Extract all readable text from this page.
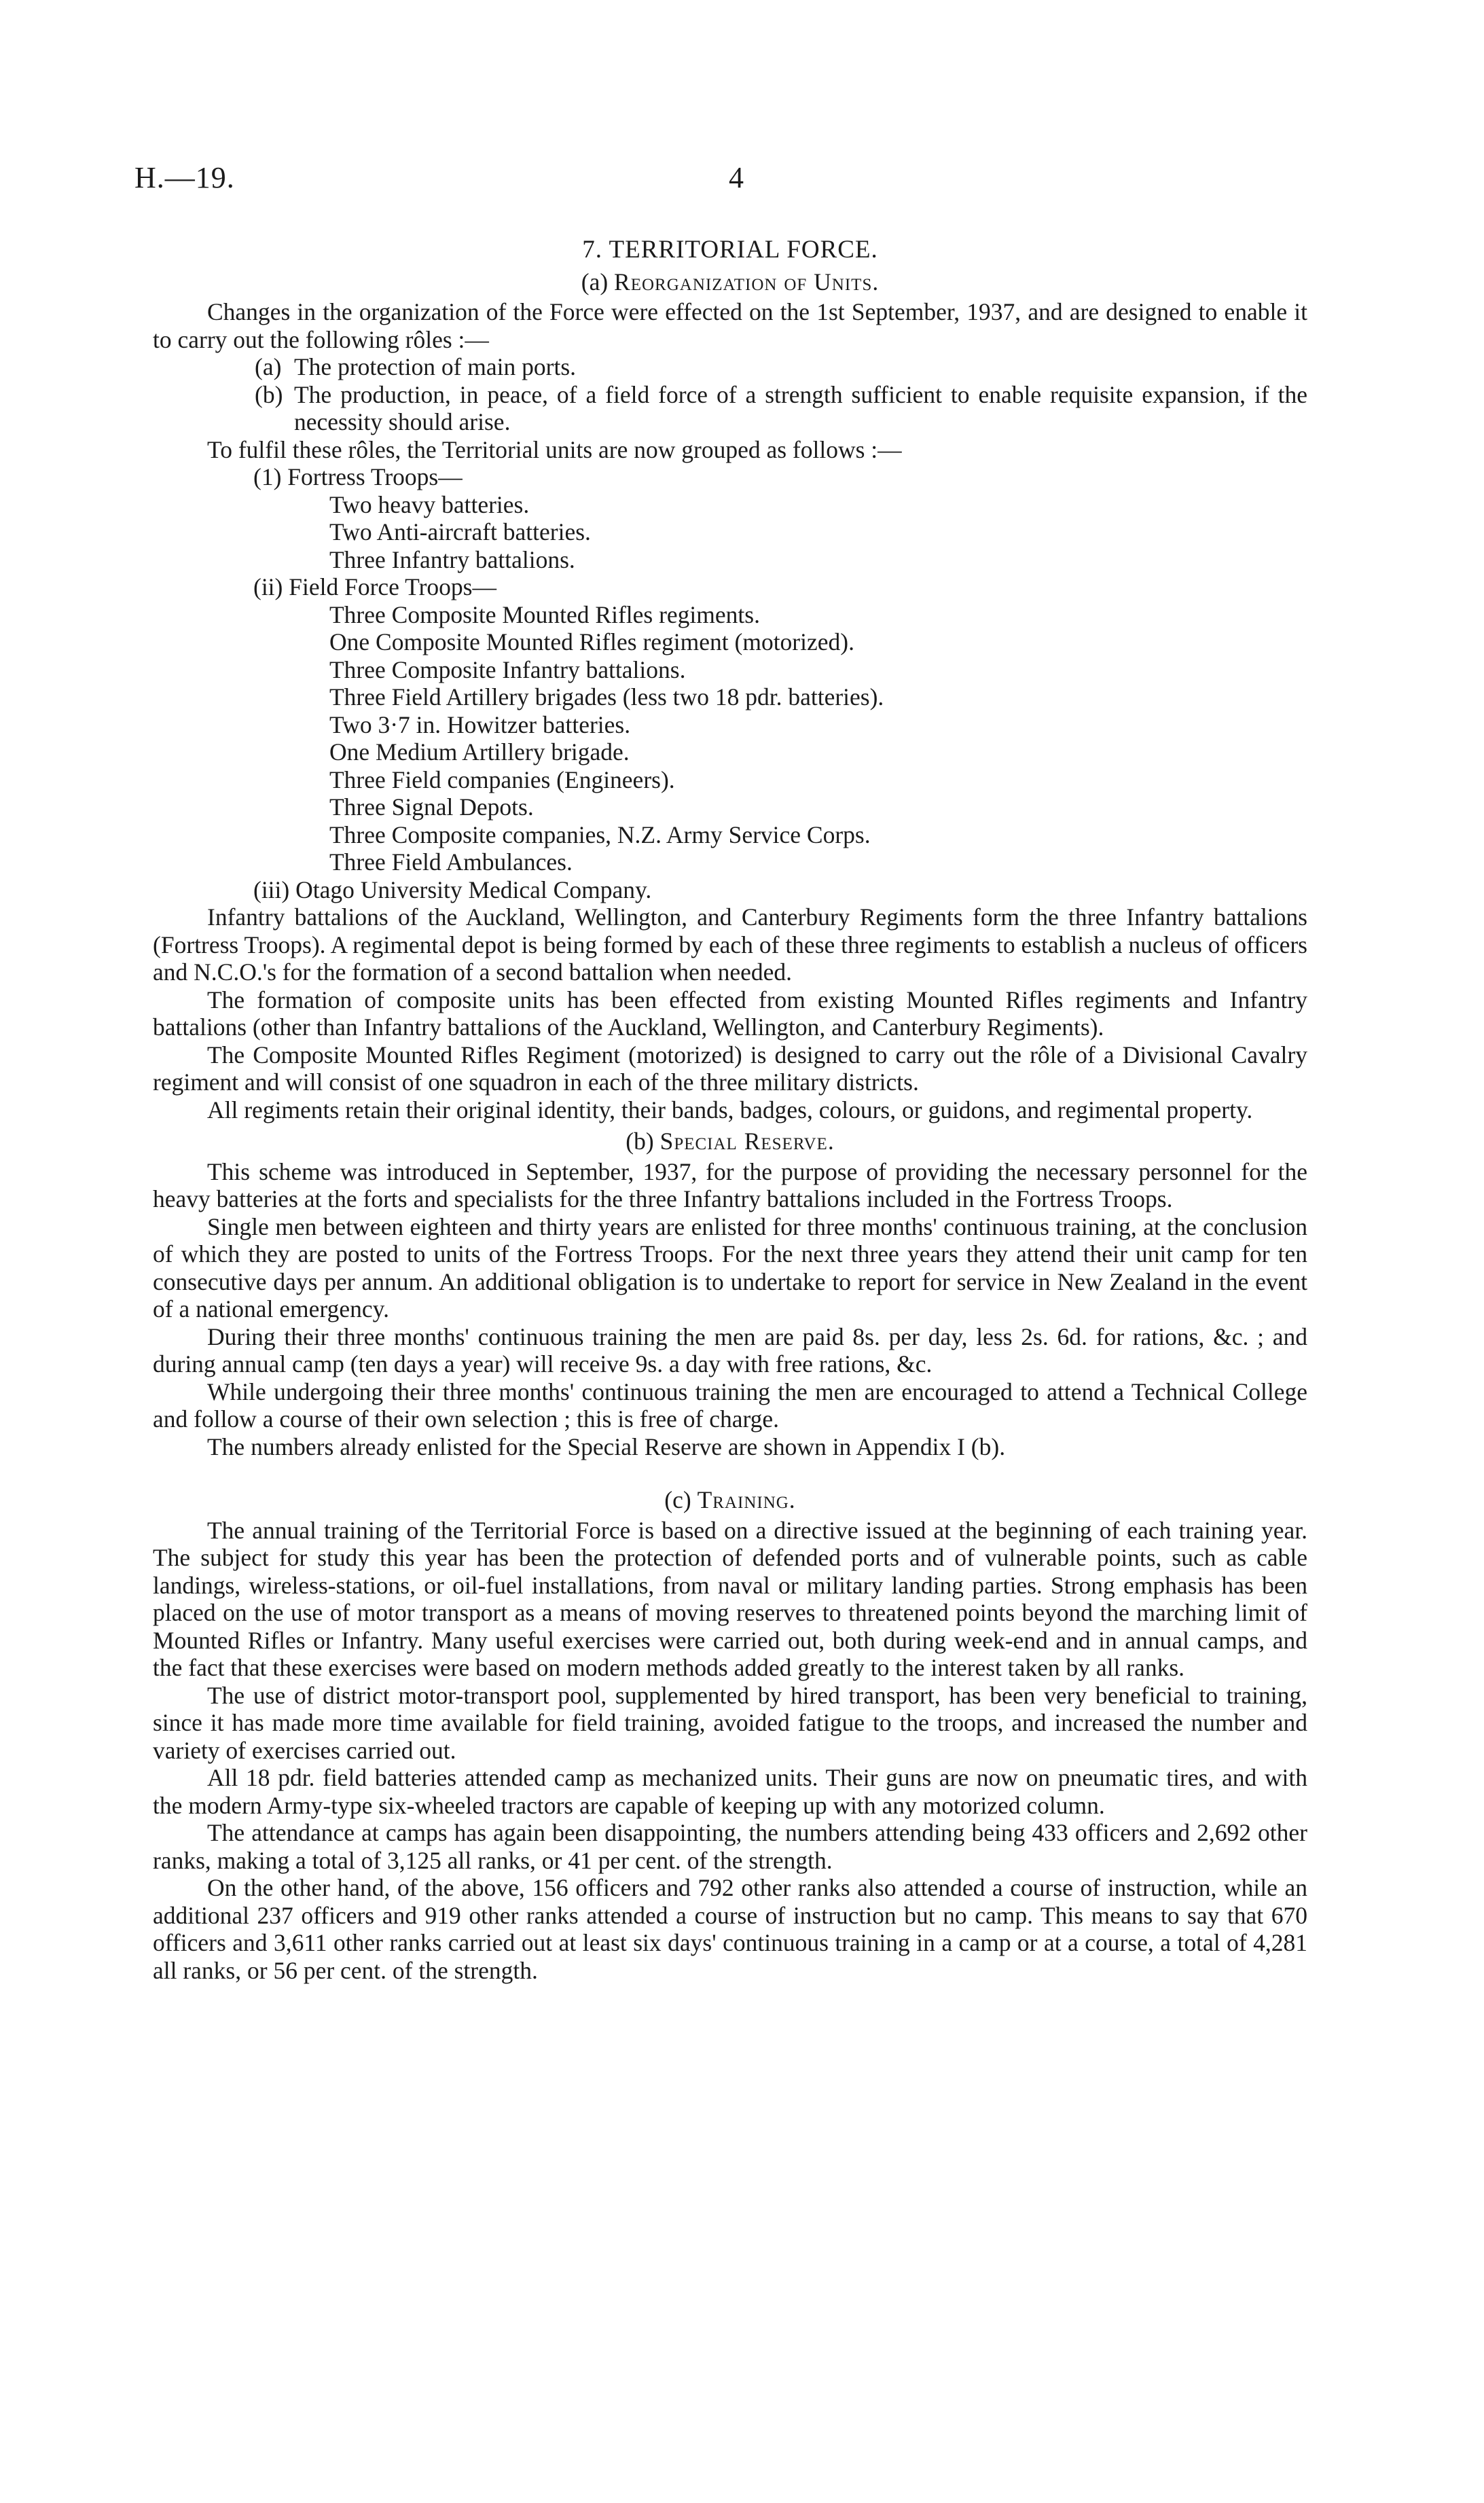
H.—19.	4

7. TERRITORIAL FORCE.

(a) Reorganization of Units.

Changes in the organization of the Force were effected on the 1st September, 1937, and are designed to enable it to carry out the following rôles :—

(a) The protection of main ports.
(b) The production, in peace, of a field force of a strength sufficient to enable requisite expansion, if the necessity should arise.

To fulfil these rôles, the Territorial units are now grouped as follows :—

(1) Fortress Troops—
Two heavy batteries.
Two Anti-aircraft batteries.
Three Infantry battalions.
(ii) Field Force Troops—
Three Composite Mounted Rifles regiments.
One Composite Mounted Rifles regiment (motorized).
Three Composite Infantry battalions.
Three Field Artillery brigades (less two 18 pdr. batteries).
Two 3·7 in. Howitzer batteries.
One Medium Artillery brigade.
Three Field companies (Engineers).
Three Signal Depots.
Three Composite companies, N.Z. Army Service Corps.
Three Field Ambulances.
(iii) Otago University Medical Company.

Infantry battalions of the Auckland, Wellington, and Canterbury Regiments form the three Infantry battalions (Fortress Troops). A regimental depot is being formed by each of these three regiments to establish a nucleus of officers and N.C.O.'s for the formation of a second battalion when needed.

The formation of composite units has been effected from existing Mounted Rifles regiments and Infantry battalions (other than Infantry battalions of the Auckland, Wellington, and Canterbury Regiments).

The Composite Mounted Rifles Regiment (motorized) is designed to carry out the rôle of a Divisional Cavalry regiment and will consist of one squadron in each of the three military districts.

All regiments retain their original identity, their bands, badges, colours, or guidons, and regimental property.

(b) Special Reserve.

This scheme was introduced in September, 1937, for the purpose of providing the necessary personnel for the heavy batteries at the forts and specialists for the three Infantry battalions included in the Fortress Troops.

Single men between eighteen and thirty years are enlisted for three months' continuous training, at the conclusion of which they are posted to units of the Fortress Troops. For the next three years they attend their unit camp for ten consecutive days per annum. An additional obligation is to undertake to report for service in New Zealand in the event of a national emergency.

During their three months' continuous training the men are paid 8s. per day, less 2s. 6d. for rations, &c. ; and during annual camp (ten days a year) will receive 9s. a day with free rations, &c.

While undergoing their three months' continuous training the men are encouraged to attend a Technical College and follow a course of their own selection ; this is free of charge.

The numbers already enlisted for the Special Reserve are shown in Appendix I (b).

(c) Training.

The annual training of the Territorial Force is based on a directive issued at the beginning of each training year. The subject for study this year has been the protection of defended ports and of vulnerable points, such as cable landings, wireless-stations, or oil-fuel installations, from naval or military landing parties. Strong emphasis has been placed on the use of motor transport as a means of moving reserves to threatened points beyond the marching limit of Mounted Rifles or Infantry. Many useful exercises were carried out, both during week-end and in annual camps, and the fact that these exercises were based on modern methods added greatly to the interest taken by all ranks.

The use of district motor-transport pool, supplemented by hired transport, has been very beneficial to training, since it has made more time available for field training, avoided fatigue to the troops, and increased the number and variety of exercises carried out.

All 18 pdr. field batteries attended camp as mechanized units. Their guns are now on pneumatic tires, and with the modern Army-type six-wheeled tractors are capable of keeping up with any motorized column.

The attendance at camps has again been disappointing, the numbers attending being 433 officers and 2,692 other ranks, making a total of 3,125 all ranks, or 41 per cent. of the strength.

On the other hand, of the above, 156 officers and 792 other ranks also attended a course of instruction, while an additional 237 officers and 919 other ranks attended a course of instruction but no camp. This means to say that 670 officers and 3,611 other ranks carried out at least six days' continuous training in a camp or at a course, a total of 4,281 all ranks, or 56 per cent. of the strength.
